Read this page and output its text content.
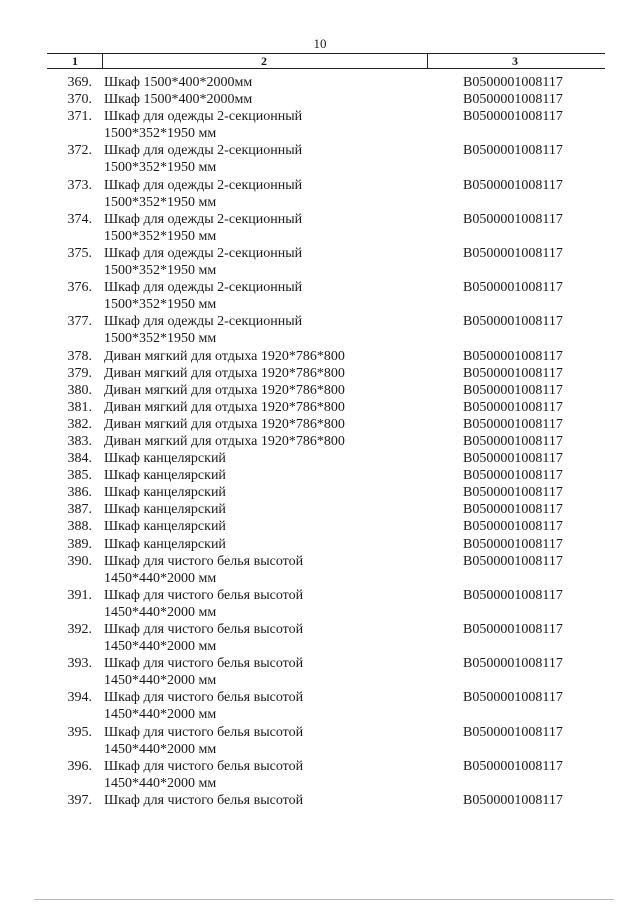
10
1	2	3
369. Шкаф 1500*400*2000мм	B0500001008117
370. Шкаф 1500*400*2000мм	B0500001008117
371. Шкаф для одежды 2-секционный
1500*352*1950 мм
B0500001008117
372. Шкаф для одежды 2-секционный
1500*352*1950 мм
B0500001008117
373. Шкаф для одежды 2-секционный
1500*352*1950 мм
B0500001008117
374. Шкаф для одежды 2-секционный
1500*352*1950 мм
B0500001008117
375. Шкаф для одежды 2-секционный
1500*352*1950 мм
B0500001008117
376. Шкаф для одежды 2-секционный
1500*352*1950 мм
B0500001008117
377. Шкаф для одежды 2-секционный
1500*352*1950 мм
B0500001008117
378. Диван мягкий для отдыха 1920*786*800	B0500001008117
379. Диван мягкий для отдыха 1920*786*800	B0500001008117
380. Диван мягкий для отдыха 1920*786*800	B0500001008117
381. Диван мягкий для отдыха 1920*786*800	B0500001008117
382. Диван мягкий для отдыха 1920*786*800	B0500001008117
383. Диван мягкий для отдыха 1920*786*800	B0500001008117
384. Шкаф канцелярский	B0500001008117
385. Шкаф канцелярский	B0500001008117
386. Шкаф канцелярский	B0500001008117
387. Шкаф канцелярский	B0500001008117
388. Шкаф канцелярский	B0500001008117
389. Шкаф канцелярский	B0500001008117
390. Шкаф для чистого белья высотой
1450*440*2000 мм
B0500001008117
391. Шкаф для чистого белья высотой
1450*440*2000 мм
B0500001008117
392. Шкаф для чистого белья высотой
1450*440*2000 мм
B0500001008117
393. Шкаф для чистого белья высотой
1450*440*2000 мм
B0500001008117
394. Шкаф для чистого белья высотой
1450*440*2000 мм
B0500001008117
395. Шкаф для чистого белья высотой
1450*440*2000 мм
B0500001008117
396. Шкаф для чистого белья высотой
1450*440*2000 мм
B0500001008117
397. Шкаф для чистого белья высотой	B0500001008117
